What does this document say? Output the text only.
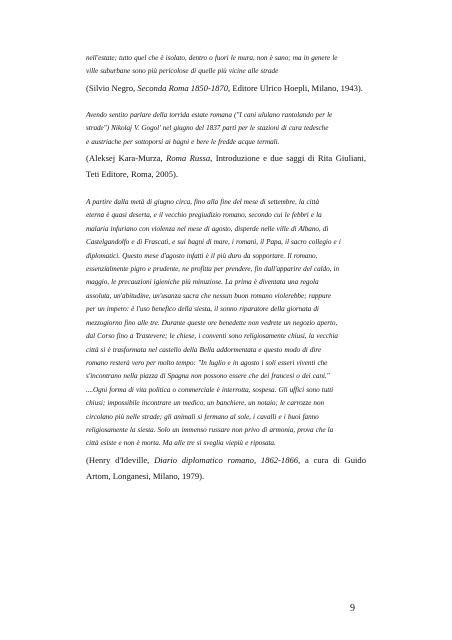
nell'estate; tutto quel che è isolato, dentro o fuori le mura, non è sano; ma in genere le
ville suburbane sono più pericolose di quelle più vicine alle strade
(Silvio Negro, Seconda Roma 1850-1870, Editore Ulrico Hoepli, Milano, 1943).
Avendo sentito parlare della torrida estate romana ("I cani ululano rantolando per le
strade") Nikolaj V. Gogol' nel giugno del 1837 partì per le stazioni di cura tedesche
e austriache per sottoporsi ai bagni e bere le fredde acque termali.
(Aleksej Kara-Murza, Roma Russa, Introduzione e due saggi di Rita Giuliani, Teti Editore, Roma, 2005).
A partire dalla metà di giugno circa, fino alla fine del mese di settembre, la città
eterna è quasi deserta, e il vecchio pregiudizio romano, secondo cui le febbri e la
malaria infuriano con violenza nel mese di agosto, disperde nelle ville di Albano, di
Castelgandolfo e di Frascati, e sui bagni di mare, i romani, il Papa, il sacro collegio e i
diplomatici. Questo mese d'agosto infatti è il più duro da sopportare. Il romano,
essenzialmente pigro e prudente, ne profitta per prendere, fin dall'apparire del caldo, in
maggio, le precauzioni igieniche più minuziose. La prima è diventata una regola
assoluta, un'abitudine, un'usanza sacra che nessun buon romano violerebbe; rappure
per un impero: è l'uso benefico della siesta, il sonno riparatore della giornata di
mezzogiorno fino alle tre. Durante queste ore benedette non vedrete un negozio aperto,
dal Corso fino a Trastevere; le chiese, i conventi sono religiosamente chiusi, la vecchia
città si è trasformata nel castello della Bella addormentata e questo modo di dire
romano resterà vero per molto tempo: "In luglio e in agosto i soli esseri viventi che
s'incontrano nella piazza di Spagna non possono essere che dei francesi o dei cani."
....Ogni forma di vita politica o commerciale è interrotta, sospesa. Gli uffici sono tutti
chiusi; impossibile incontrare un medico, un banchiere, un notaio; le carrozze non
circolano più nelle strade; gli animali si fermano al sole, i cavalli e i buoi fanno
religiosamente la siesta. Solo un immenso russare non privo di armonia, prova che la
città esiste e non è morta. Ma alle tre si sveglia viepiù e riposata.
(Henry d'Ideville, Diario diplomatico romano, 1862-1866, a cura di Guido Artom, Longanesi, Milano, 1979).
9
